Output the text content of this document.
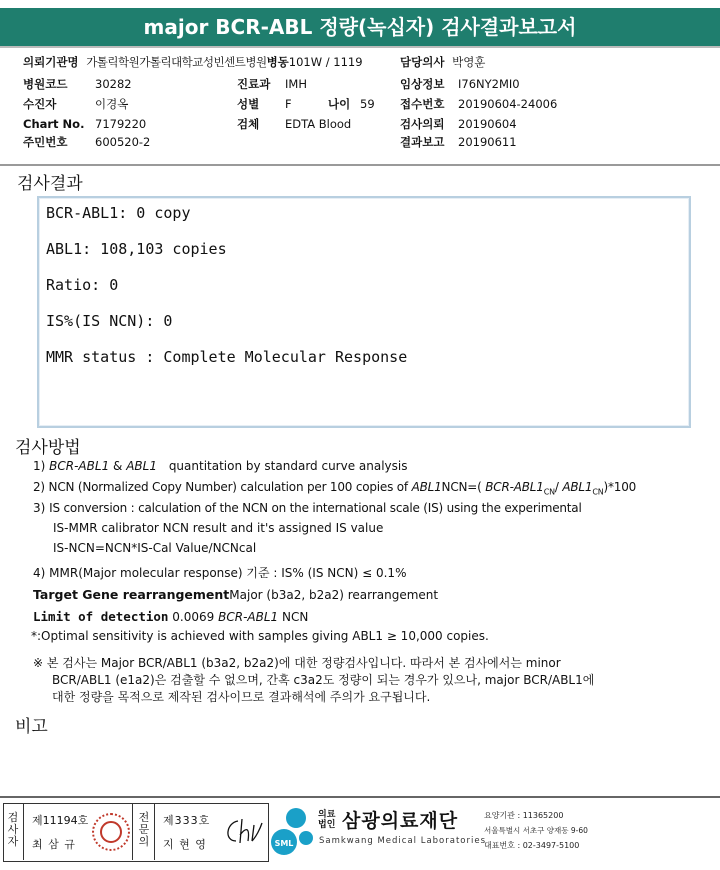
major BCR-ABL 정량(녹십자) 검사결과보고서
의뢰기관명 가톨릭학원가톨릭대학교성빈센트병원병동101W / 1119	담당의사 박영훈
병원코드 30282	진료과 IMH	임상정보 I76NY2MI0
수진자	이경옥	성별 F	나이 59 접수번호 20190604-24006
Chart No. 7179220	검체 EDTA Blood	검사의뢰 20190604
주민번호 600520-2	결과보고 20190611
검사결과
BCR-ABL1: 0 copy
ABL1: 108,103 copies
Ratio: 0
IS%(IS NCN): 0
MMR status : Complete Molecular Response
검사방법
1) BCR-ABL1 & ABL1 quantitation by standard curve analysis
2) NCN (Normalized Copy Number) calculation per 100 copies of ABL1NCN=( BCR-$ABL1_{CN}/$ $ABL1_{CN})*100$
3) IS conversion : calculation of the NCN on the international scale (IS) using the experimental
IS-MMR calibrator NCN result and it's assigned IS value
IS-NCN=NCN*IS-Cal Value/NCNcal
4) MMR(Major molecular response) 기준 : IS% (IS NCN) ≤ 0.1%
Target Gene rearrangementMajor (b3a2, b2a2) rearrangement
Limit of detection 0.0069 BCR-ABL1 NCN
*:Optimal sensitivity is achieved with samples giving ABL1 ≥ 10,000 copies.
※ 본 검사는 Major BCR/ABL1 (b3a2, b2a2)에 대한 정량검사입니다. 따라서 본 검사에서는 minor
BCR/ABL1 (e1a2)은 검출할 수 없으며, 간혹 c3a2도 정량이 되는 경우가 있으나, major BCR/ABL1에
대한 정량을 목적으로 제작된 검사이므로 결과해석에 주의가 요구됩니다.
비고
검사자
제11194호
최 삼 규
전문의
제333호
지 현 영	SML
의료
법인 삼광의료재단
Samkwang Medical Laboratories
요양기관 : 11365200
서울특별시 서초구 양재동 9-60
대표번호 : 02-3497-5100
